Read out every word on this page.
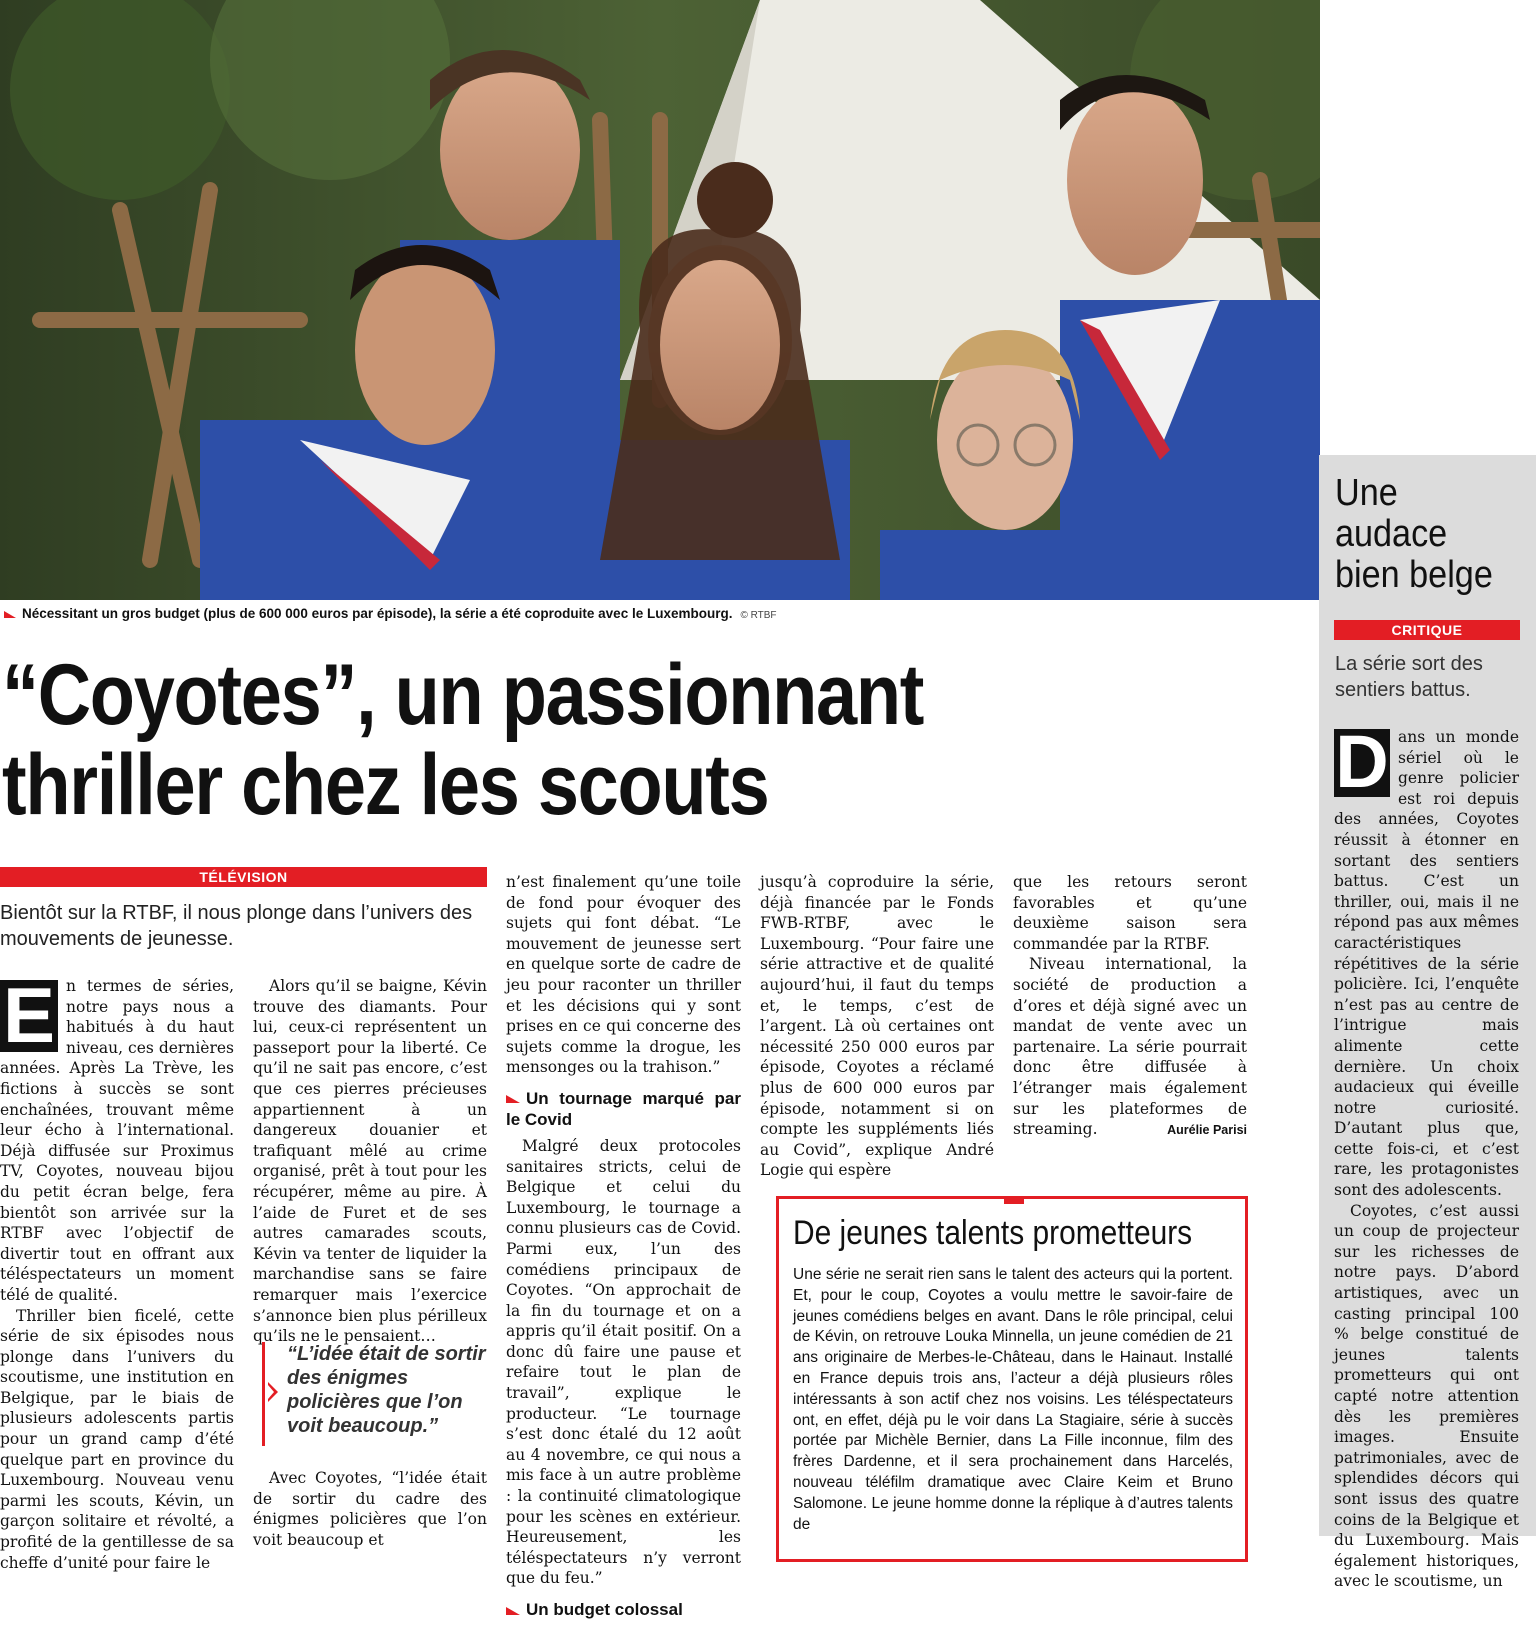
Nécessitant un gros budget (plus de 600 000 euros par épisode), la série a été coproduite avec le Luxembourg. © RTBF
“Coyotes”, un passionnant
thriller chez les scouts
TÉLÉVISION
Bientôt sur la RTBF, il nous plonge dans l’univers des mouvements de jeunesse.
E n termes de séries, notre pays nous a habitués à du haut niveau, ces dernières années. Après La Trève, les fictions à succès se sont enchaînées, trouvant même leur écho à l’international. Déjà diffusée sur Proximus TV, Coyotes, nouveau bijou du petit écran belge, fera bientôt son arrivée sur la RTBF avec l’objectif de divertir tout en offrant aux téléspectateurs un moment télé de qualité.

Thriller bien ficelé, cette série de six épisodes nous plonge dans l’univers du scoutisme, une institution en Belgique, par le biais de plusieurs adolescents partis pour un grand camp d’été quelque part en province du Luxembourg. Nouveau venu parmi les scouts, Kévin, un garçon solitaire et révolté, a profité de la gentillesse de sa cheffe d’unité pour faire le

Alors qu’il se baigne, Kévin trouve des diamants. Pour lui, ceux-ci représentent un passeport pour la liberté. Ce qu’il ne sait pas encore, c’est que ces pierres précieuses appartiennent à un dangereux douanier et trafiquant mêlé au crime organisé, prêt à tout pour les récupérer, même au pire. À l’aide de Furet et de ses autres camarades scouts, Kévin va tenter de liquider la marchandise sans se faire remarquer mais l’exercice s’annonce bien plus périlleux qu’ils ne le pensaient…

“L’idée était de sortir des énigmes policières que l’on voit beaucoup.”

Avec Coyotes, “l’idée était de sortir du cadre des énigmes policières que l’on voit beaucoup et

n’est finalement qu’une toile de fond pour évoquer des sujets qui font débat. “Le mouvement de jeunesse sert en quelque sorte de cadre de jeu pour raconter un thriller et les décisions qui y sont prises en ce qui concerne des sujets comme la drogue, les mensonges ou la trahison.”

Un tournage marqué par le Covid

Malgré deux protocoles sanitaires stricts, celui de Belgique et celui du Luxembourg, le tournage a connu plusieurs cas de Covid. Parmi eux, l’un des comédiens principaux de Coyotes. “On approchait de la fin du tournage et on a appris qu’il était positif. On a donc dû faire une pause et refaire tout le plan de travail”, explique le producteur. “Le tournage s’est donc étalé du 12 août au 4 novembre, ce qui nous a mis face à un autre problème : la continuité climatologique pour les scènes en extérieur. Heureusement, les téléspectateurs n’y verront que du feu.”

Un budget colossal

jusqu’à coproduire la série, déjà financée par le Fonds FWB-RTBF, avec le Luxembourg. “Pour faire une série attractive et de qualité aujourd’hui, il faut du temps et, le temps, c’est de l’argent. Là où certaines ont nécessité 250 000 euros par épisode, Coyotes a réclamé plus de 600 000 euros par épisode, notamment si on compte les suppléments liés au Covid”, explique André Logie qui espère

que les retours seront favorables et qu’une deuxième saison sera commandée par la RTBF.

Niveau international, la société de production a d’ores et déjà signé avec un mandat de vente avec un partenaire. La série pourrait donc être diffusée à l’étranger mais également sur les plateformes de streaming.	Aurélie Parisi
De jeunes talents prometteurs
Une série ne serait rien sans le talent des acteurs qui la portent. Et, pour le coup, Coyotes a voulu mettre le savoir-faire de jeunes comédiens belges en avant. Dans le rôle principal, celui de Kévin, on retrouve Louka Minnella, un jeune comédien de 21 ans originaire de Merbes-le-Château, dans le Hainaut. Installé en France depuis trois ans, l’acteur a déjà plusieurs rôles intéressants à son actif chez nos voisins. Les téléspectateurs ont, en effet, déjà pu le voir dans La Stagiaire, série à succès portée par Michèle Bernier, dans La Fille inconnue, film des frères Dardenne, et il sera prochainement dans Harcelés, nouveau téléfilm dramatique avec Claire Keim et Bruno Salomone. Le jeune homme donne la réplique à d’autres talents de
Une
audace
bien belge
CRITIQUE
La série sort des sentiers battus.
D ans un monde sériel où le genre policier est roi depuis des années, Coyotes réussit à étonner en sortant des sentiers battus. C’est un thriller, oui, mais il ne répond pas aux mêmes caractéristiques répétitives de la série policière. Ici, l’enquête n’est pas au centre de l’intrigue mais alimente cette dernière. Un choix audacieux qui éveille notre curiosité. D’autant plus que, cette fois-ci, et c’est rare, les protagonistes sont des adolescents.

Coyotes, c’est aussi un coup de projecteur sur les richesses de notre pays. D’abord artistiques, avec un casting principal 100 % belge constitué de jeunes talents prometteurs qui ont capté notre attention dès les premières images. Ensuite patrimoniales, avec de splendides décors qui sont issus des quatre coins de la Belgique et du Luxembourg. Mais également historiques, avec le scoutisme, un
